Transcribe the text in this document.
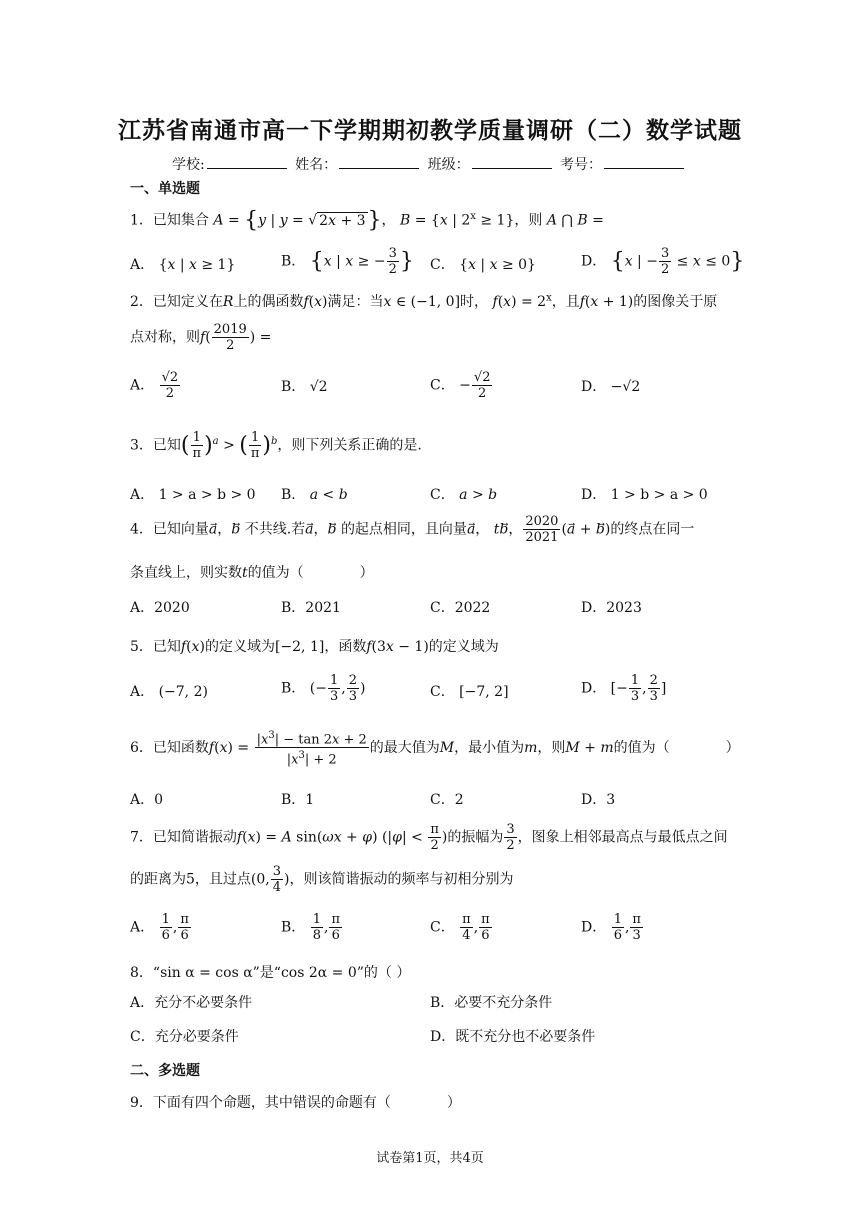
江苏省南通市高一下学期期初教学质量调研（二）数学试题
学校:	姓名：	班级：	考号：
一、单选题
1．已知集合 A = {y | y = √ 2x + 3}， B = {x | $2^x \ge 1$}，则 A ⋂ B =
A． {x | x ≥ 1}	B． {x | x ≥ − $\frac{3}{2}$ } C． {x | x ≥ 0}	D． {x | − $\frac{3}{2} \le x \le 0$}
2．已知定义在R上的偶函数f(x)满足：当x ∈ (−1, 0]时， $f(x) = 2^x$，且f(x + 1)的图像关于原
点对称，则$f( \frac{2019}{2}$ ) =
A． $\frac{√2}{2}$	B． √2	C． − $\frac{√2}{2}$	D． −√2
3．已知( $\frac{1}{\pi} )^a$ > ( $\frac{1}{\pi} )^b$，则下列关系正确的是.
A． 1 > a > b > 0 B． a < b	C． a > b	D． 1 > b > a > 0
4．已知向量a⃗，b⃗ 不共线.若a⃗，b⃗ 的起点相同，且向量a⃗， tb⃗， $\frac{2020}{2021}$ (a⃗ + b⃗)的终点在同一
条直线上，则实数t的值为（　　　　）
A．2020	B．2021	C．2022	D．2023
5．已知f(x)的定义域为[−2, 1]，函数f(3x − 1)的定义域为
A． (−7, 2)	B． (− $\frac{1}{3}$ , $\frac{2}{3}$ )	C． [−7, 2]	D． [− $\frac{1}{3}$ , $\frac{2}{3}$ ]
6．已知函数$f(x) = \frac{|x^3| - \tan 2x + 2}{|x^3| + 2}$ 的最大值为M，最小值为m，则M + m的值为（　　　　）
A．0	B．1	C．2	D．3
7．已知简谐振动f(x) = A sin(ωx + φ) ($|\varphi| < \frac{\pi}{2}$ )的振幅为 $\frac{3}{2}$ ，图象上相邻最高点与最低点之间
的距离为5，且过点(0, $\frac{3}{4}$ )，则该简谐振动的频率与初相分别为
A． $\frac{1}{6}$ , $\frac{\pi}{6}$	B． $\frac{1}{8}$ , $\frac{\pi}{6}$	C． $\frac{\pi}{4}$ , $\frac{\pi}{6}$	D． $\frac{1}{6}$ , $\frac{\pi}{3}$
8．“sin α = cos α”是“cos 2α = 0”的（ ）
A．充分不必要条件	B．必要不充分条件
C．充分必要条件	D．既不充分也不必要条件
二、多选题
9．下面有四个命题，其中错误的命题有（　　　　）
试卷第1页，共4页
